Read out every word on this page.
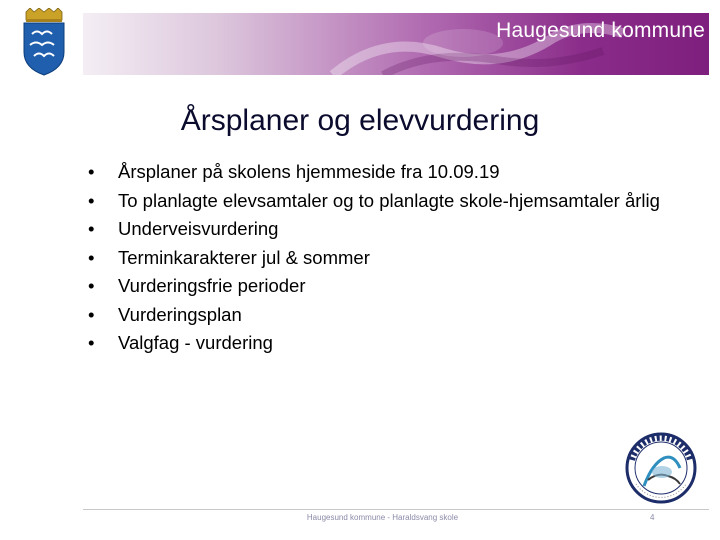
Haugesund kommune
Årsplaner og elevvurdering
•	Årsplaner på skolens hjemmeside fra 10.09.19
•	To planlagte elevsamtaler og to planlagte skole-hjemsamtaler årlig
•	Underveisvurdering
•	Terminkarakterer jul & sommer
•	Vurderingsfrie perioder
•	Vurderingsplan
•	Valgfag - vurdering
Haugesund kommune - Haraldsvang skole	4
